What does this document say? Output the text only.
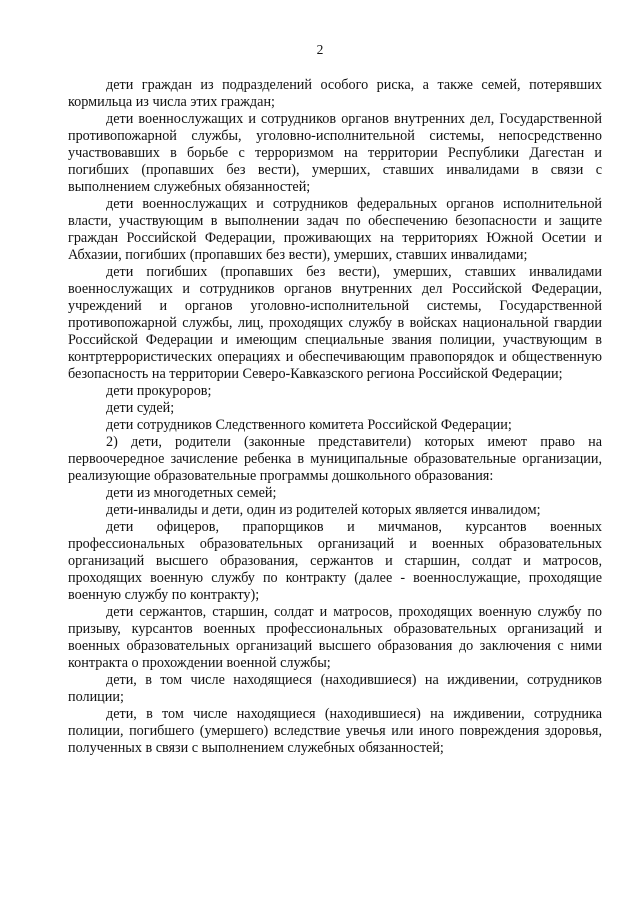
2

дети граждан из подразделений особого риска, а также семей, потерявших кормильца из числа этих граждан;

дети военнослужащих и сотрудников органов внутренних дел, Государственной противопожарной службы, уголовно-исполнительной системы, непосредственно участвовавших в борьбе с терроризмом на территории Республики Дагестан и погибших (пропавших без вести), умерших, ставших инвалидами в связи с выполнением служебных обязанностей;

дети военнослужащих и сотрудников федеральных органов исполнительной власти, участвующим в выполнении задач по обеспечению безопасности и защите граждан Российской Федерации, проживающих на территориях Южной Осетии и Абхазии, погибших (пропавших без вести), умерших, ставших инвалидами;

дети погибших (пропавших без вести), умерших, ставших инвалидами военнослужащих и сотрудников органов внутренних дел Российской Федерации, учреждений и органов уголовно-исполнительной системы, Государственной противопожарной службы, лиц, проходящих службу в войсках национальной гвардии Российской Федерации и имеющим специальные звания полиции, участвующим в контртеррористических операциях и обеспечивающим правопорядок и общественную безопасность на территории Северо-Кавказского региона Российской Федерации;

дети прокуроров;

дети судей;

дети сотрудников Следственного комитета Российской Федерации;

2) дети, родители (законные представители) которых имеют право на первоочередное зачисление ребенка в муниципальные образовательные организации, реализующие образовательные программы дошкольного образования:

дети из многодетных семей;

дети-инвалиды и дети, один из родителей которых является инвалидом;

дети офицеров, прапорщиков и мичманов, курсантов военных профессиональных образовательных организаций и военных образовательных организаций высшего образования, сержантов и старшин, солдат и матросов, проходящих военную службу по контракту (далее - военнослужащие, проходящие военную службу по контракту);

дети сержантов, старшин, солдат и матросов, проходящих военную службу по призыву, курсантов военных профессиональных образовательных организаций и военных образовательных организаций высшего образования до заключения с ними контракта о прохождении военной службы;

дети, в том числе находящиеся (находившиеся) на иждивении, сотрудников полиции;

дети, в том числе находящиеся (находившиеся) на иждивении, сотрудника полиции, погибшего (умершего) вследствие увечья или иного повреждения здоровья, полученных в связи с выполнением служебных обязанностей;
